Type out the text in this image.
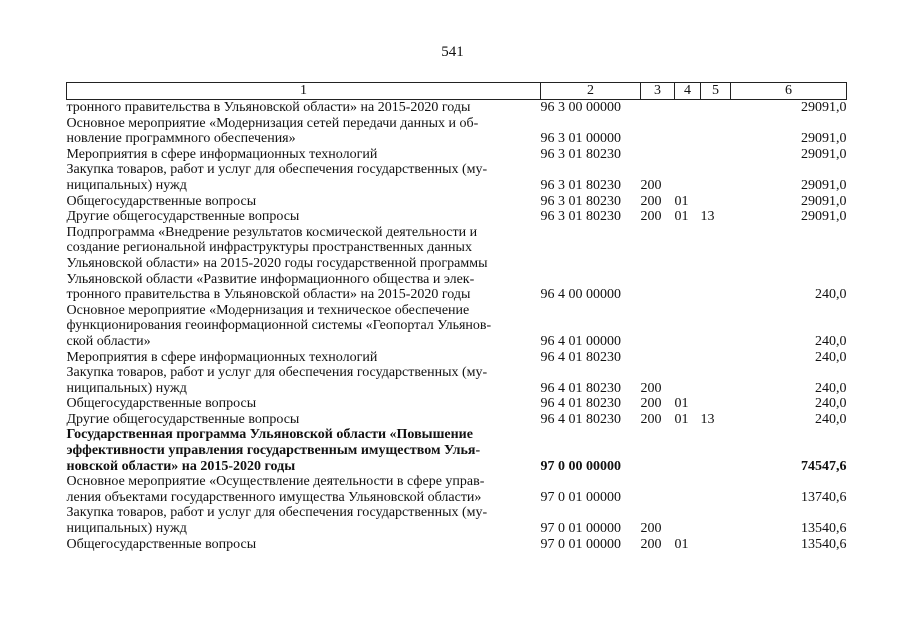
541
1	2	3	4	5	6

тронного правительства в Ульяновской области» на 2015-2020 годы	96 3 00 00000				29091,0

Основное мероприятие «Модернизация сетей передачи данных и об-
новление программного обеспечения»	96 3 01 00000				29091,0

Мероприятия в сфере информационных технологий	96 3 01 80230				29091,0

Закупка товаров, работ и услуг для обеспечения государственных (му-
ниципальных) нужд	96 3 01 80230	200			29091,0

Общегосударственные вопросы	96 3 01 80230	200	01		29091,0

Другие общегосударственные вопросы	96 3 01 80230	200	01	13	29091,0

Подпрограмма «Внедрение результатов космической деятельности и
создание региональной инфраструктуры пространственных данных
Ульяновской области» на 2015-2020 годы государственной программы
Ульяновской области «Развитие информационного общества и элек-
тронного правительства в Ульяновской области» на 2015-2020 годы	96 4 00 00000				240,0

Основное мероприятие «Модернизация и техническое обеспечение
функционирования геоинформационной системы «Геопортал Ульянов-
ской области»	96 4 01 00000				240,0

Мероприятия в сфере информационных технологий	96 4 01 80230				240,0

Закупка товаров, работ и услуг для обеспечения государственных (му-
ниципальных) нужд	96 4 01 80230	200			240,0

Общегосударственные вопросы	96 4 01 80230	200	01		240,0

Другие общегосударственные вопросы	96 4 01 80230	200	01	13	240,0

Государственная программа Ульяновской области «Повышение
эффективности управления государственным имуществом Улья-
новской области» на 2015-2020 годы	97 0 00 00000				74547,6

Основное мероприятие «Осуществление деятельности в сфере управ-
ления объектами государственного имущества Ульяновской области»	97 0 01 00000				13740,6

Закупка товаров, работ и услуг для обеспечения государственных (му-
ниципальных) нужд	97 0 01 00000	200			13540,6

Общегосударственные вопросы	97 0 01 00000	200	01		13540,6
